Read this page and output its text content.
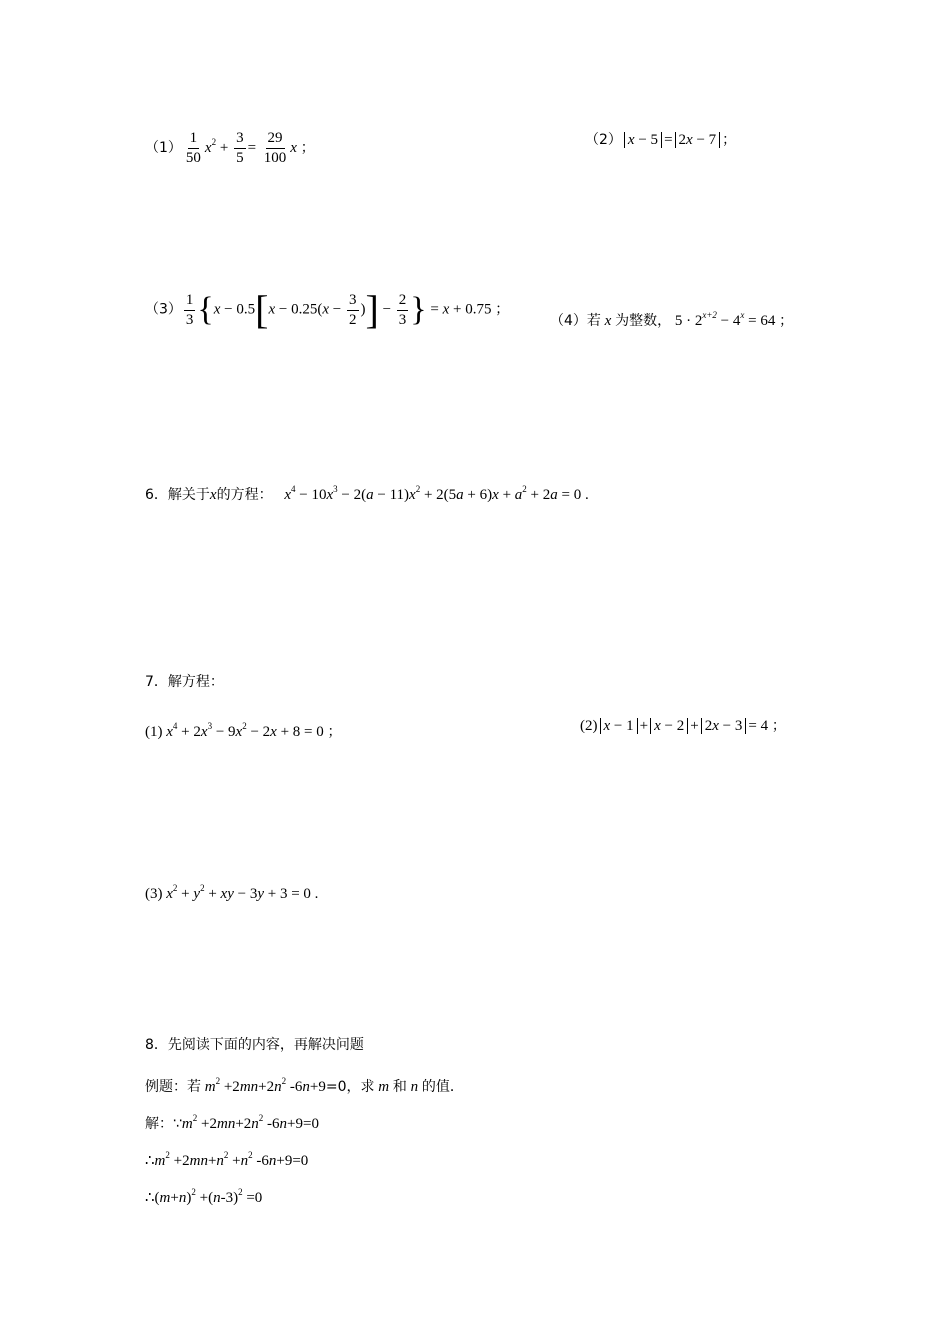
$(1) \frac{1}{50} x^2 + \frac{3}{5} = \frac{29}{100}$ x ；	（2） x − 5 = 2x − 7 ；
$(3) \frac{1}{3} \{x - 0.5[x - 0.25(x - \frac{3}{2}$ )] − $\frac{2}{3}$ } = x + 0.75 ；
（4）若 x 为整数， $5 \cdot 2^{x+2} - 4^x = 64$ ；
6．解关于x的方程： $x^4 - 10x^3 - 2(a - 11)x^2 + 2(5a + 6)x + a^2 + 2a = 0$ .
7．解方程：
(1) $x^4 + 2x^3 - 9x^2 - 2x + 8 = 0$ ；	(2) x − 1 + x − 2 + 2x − 3 = 4 ；
(3) $x^2 + y^2$ + xy − 3y + 3 = 0 .
8．先阅读下面的内容，再解决问题
例题：若 $m^2 +2mn+2n^2$ -6n+9=0，求 m 和 n 的值．
解：$\because m^2 +2mn+2n^2$ -6n+9=0
$\therefore m^2 +2mn+n^2 +n^2$ -6n+9=0
$\therefore(m+n)^2 +(n-3)^2 =0$
